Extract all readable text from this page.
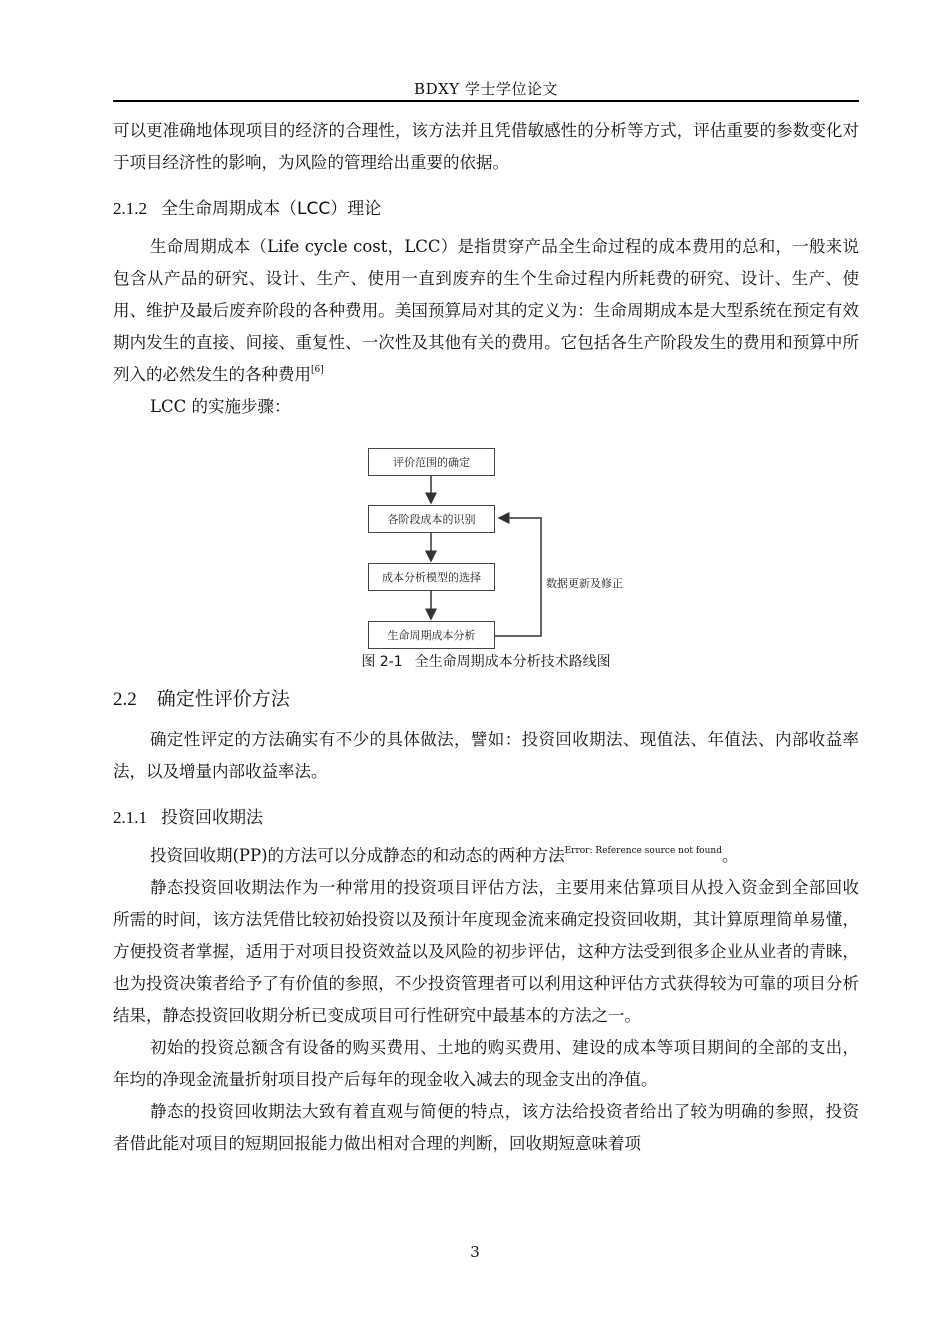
BDXY 学士学位论文

可以更准确地体现项目的经济的合理性，该方法并且凭借敏感性的分析等方式，评估重要的参数变化对于项目经济性的影响，为风险的管理给出重要的依据。

2.1.2 全生命周期成本（LCC）理论

生命周期成本（Life cycle cost，LCC）是指贯穿产品全生命过程的成本费用的总和，一般来说包含从产品的研究、设计、生产、使用一直到废弃的生个生命过程内所耗费的研究、设计、生产、使用、维护及最后废弃阶段的各种费用。美国预算局对其的定义为：生命周期成本是大型系统在预定有效期内发生的直接、间接、重复性、一次性及其他有关的费用。它包括各生产阶段发生的费用和预算中所列入的必然发生的各种费用[6]

LCC 的实施步骤：

评价范围的确定
各阶段成本的识别
成本分析模型的选择
生命周期成本分析
数据更新及修正
图 2-1 全生命周期成本分析技术路线图
2.2 确定性评价方法

确定性评定的方法确实有不少的具体做法，譬如：投资回收期法、现值法、年值法、内部收益率法，以及增量内部收益率法。

2.1.1 投资回收期法

投资回收期(PP)的方法可以分成静态的和动态的两种方法$^{Error: Reference source not found}$。

静态投资回收期法作为一种常用的投资项目评估方法，主要用来估算项目从投入资金到全部回收所需的时间，该方法凭借比较初始投资以及预计年度现金流来确定投资回收期，其计算原理简单易懂，方便投资者掌握，适用于对项目投资效益以及风险的初步评估，这种方法受到很多企业从业者的青睐，也为投资决策者给予了有价值的参照，不少投资管理者可以利用这种评估方式获得较为可靠的项目分析结果，静态投资回收期分析已变成项目可行性研究中最基本的方法之一。

初始的投资总额含有设备的购买费用、土地的购买费用、建设的成本等项目期间的全部的支出，年均的净现金流量折射项目投产后每年的现金收入减去的现金支出的净值。

静态的投资回收期法大致有着直观与简便的特点，该方法给投资者给出了较为明确的参照，投资者借此能对项目的短期回报能力做出相对合理的判断，回收期短意味着项

3
